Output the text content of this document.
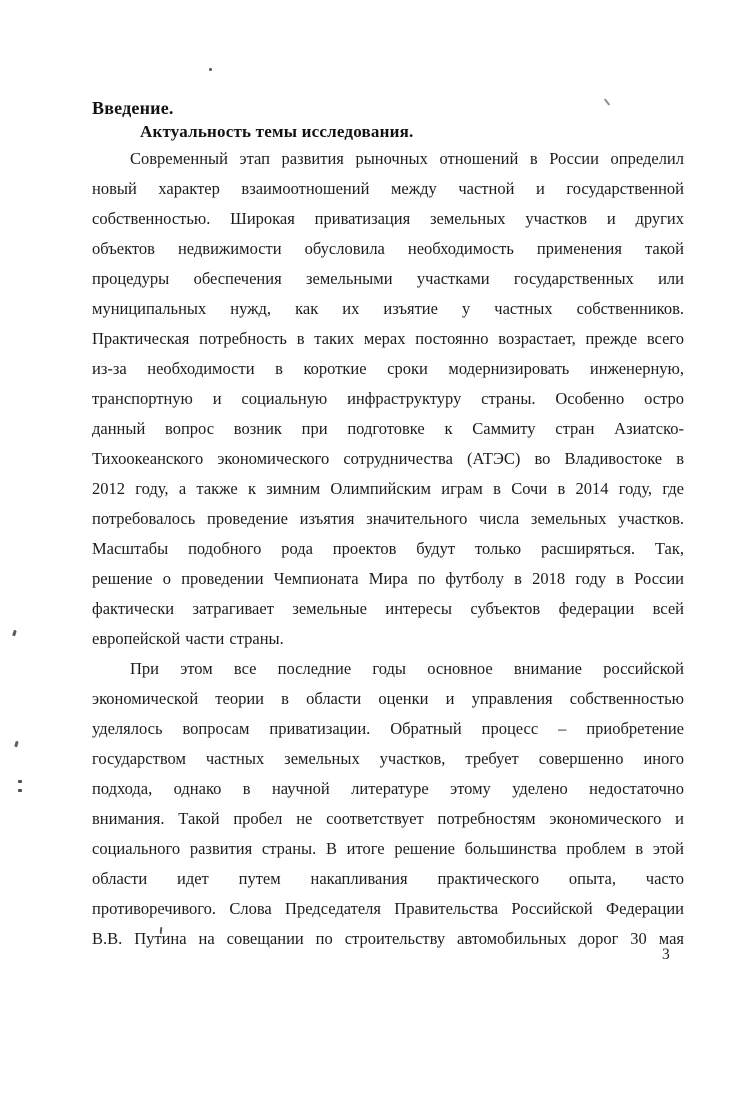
Введение.
Актуальность темы исследования.
Современный этап развития рыночных отношений в России определил
новый характер взаимоотношений между частной и государственной
собственностью. Широкая приватизация земельных участков и других
объектов недвижимости обусловила необходимость применения такой
процедуры обеспечения земельными участками государственных или
муниципальных нужд, как их изъятие у частных собственников.
Практическая потребность в таких мерах постоянно возрастает, прежде всего
из-за необходимости в короткие сроки модернизировать инженерную,
транспортную и социальную инфраструктуру страны. Особенно остро
данный вопрос возник при подготовке к Саммиту стран Азиатско-
Тихоокеанского экономического сотрудничества (АТЭС) во Владивостоке в
2012 году, а также к зимним Олимпийским играм в Сочи в 2014 году, где
потребовалось проведение изъятия значительного числа земельных участков.
Масштабы подобного рода проектов будут только расширяться. Так,
решение о проведении Чемпионата Мира по футболу в 2018 году в России
фактически затрагивает земельные интересы субъектов федерации всей
европейской части страны.
При этом все последние годы основное внимание российской
экономической теории в области оценки и управления собственностью
уделялось вопросам приватизации. Обратный процесс – приобретение
государством частных земельных участков, требует совершенно иного
подхода, однако в научной литературе этому уделено недостаточно
внимания. Такой пробел не соответствует потребностям экономического и
социального развития страны. В итоге решение большинства проблем в этой
области идет путем накапливания практического опыта, часто
противоречивого. Слова Председателя Правительства Российской Федерации
В.В. Путина на совещании по строительству автомобильных дорог 30 мая
3
